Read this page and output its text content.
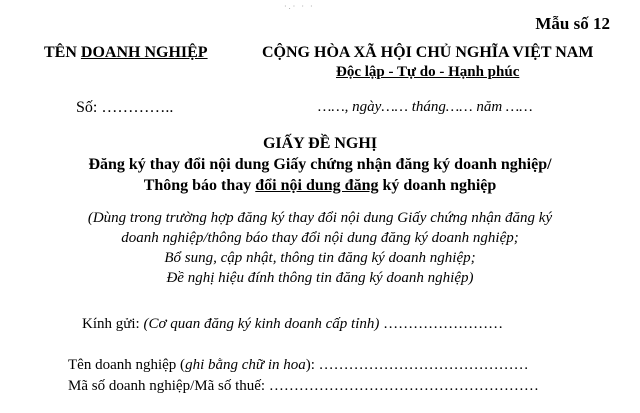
·.· · ·
Mẫu số 12
TÊN DOANH NGHIỆP	CỘNG HÒA XÃ HỘI CHỦ NGHĨA VIỆT NAM
Độc lập - Tự do - Hạnh phúc
Số: …………..	……, ngày…… tháng…… năm ……
GIẤY ĐỀ NGHỊ
Đăng ký thay đổi nội dung Giấy chứng nhận đăng ký doanh nghiệp/
Thông báo thay đổi nội dung đăng ký doanh nghiệp
(Dùng trong trường hợp đăng ký thay đổi nội dung Giấy chứng nhận đăng ký
doanh nghiệp/thông báo thay đổi nội dung đăng ký doanh nghiệp;
Bổ sung, cập nhật, thông tin đăng ký doanh nghiệp;
Đề nghị hiệu đính thông tin đăng ký doanh nghiệp)
Kính gửi: (Cơ quan đăng ký kinh doanh cấp tỉnh) ……………………
Tên doanh nghiệp (ghi bằng chữ in hoa): ……………………………………
Mã số doanh nghiệp/Mã số thuế: ………………………………………………
